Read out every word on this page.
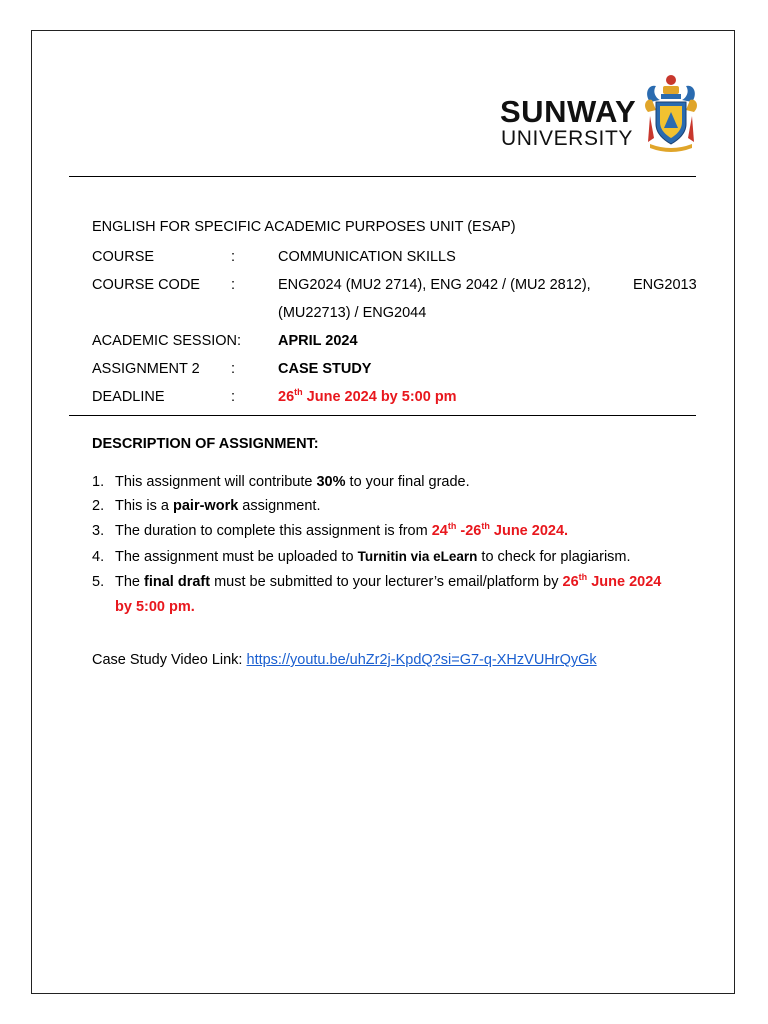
SUNWAY
UNIVERSITY
ENGLISH FOR SPECIFIC ACADEMIC PURPOSES UNIT (ESAP)
COURSE	:	COMMUNICATION SKILLS
COURSE CODE :	ENG2024 (MU2 2714), ENG 2042 / (MU2 2812),	ENG2013
(MU22713) / ENG2044
ACADEMIC SESSION:	APRIL 2024
ASSIGNMENT 2 :	CASE STUDY
DEADLINE	:	26th June 2024 by 5:00 pm
DESCRIPTION OF ASSIGNMENT:
1. This assignment will contribute 30% to your final grade.
2. This is a pair-work assignment.
3. The duration to complete this assignment is from 24th -26th June 2024.
4. The assignment must be uploaded to Turnitin via eLearn to check for plagiarism.
5. The final draft must be submitted to your lecturer’s email/platform by 26th June 2024
by 5:00 pm.
Case Study Video Link: https://youtu.be/uhZr2j-KpdQ?si=G7-q-XHzVUHrQyGk
